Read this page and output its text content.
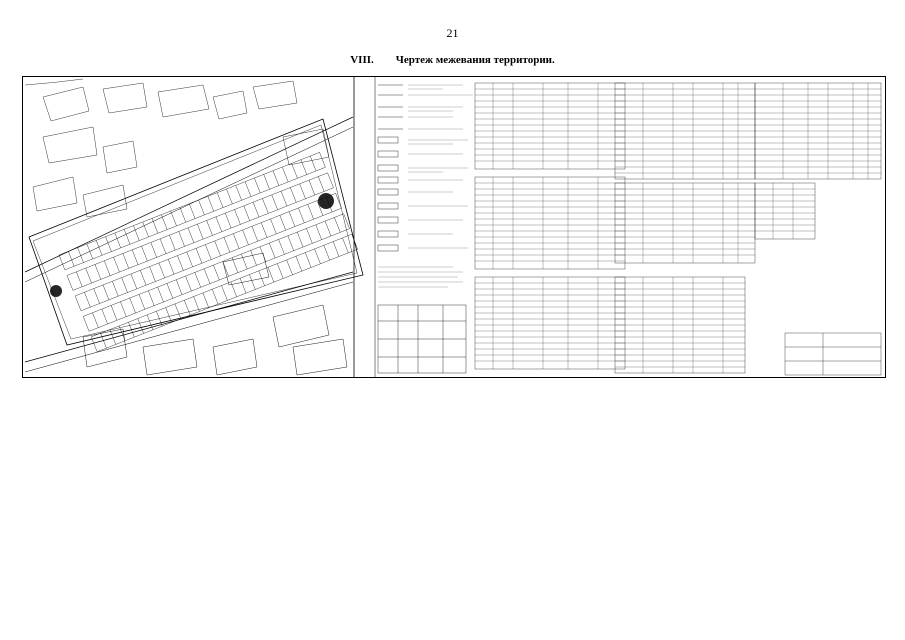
21
VIII. Чертеж межевания территории.
